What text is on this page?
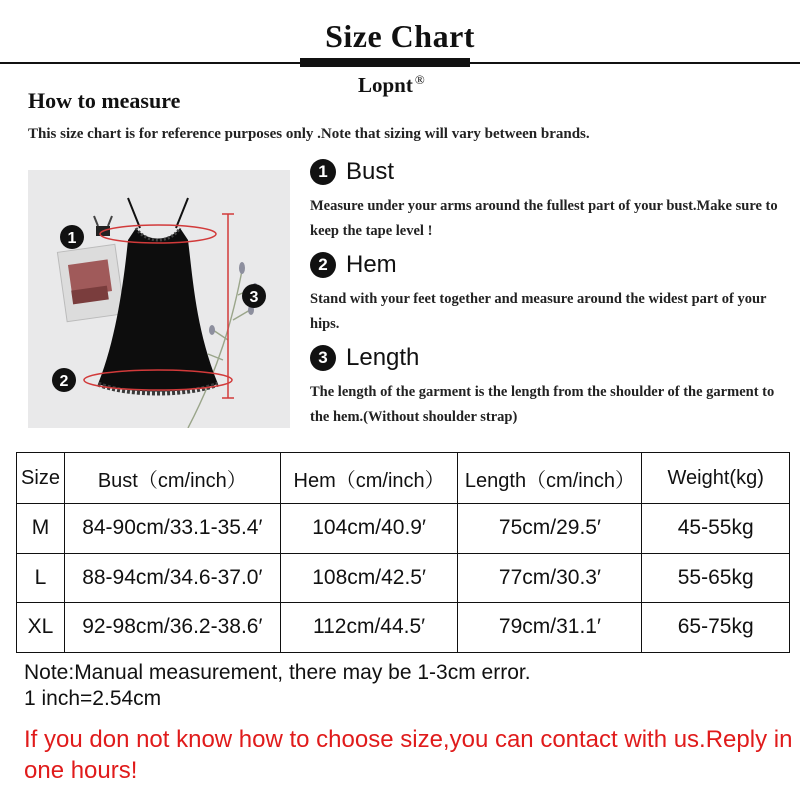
Size Chart
Lopnt ®
How to measure
This size chart is for reference purposes only .Note that sizing will vary between brands.
1
2
3
1 Bust
Measure under your arms around the fullest part of your bust.Make sure to keep the tape level !
2 Hem
Stand with your feet together and measure around the widest part of your hips.
3 Length
The length of the garment is the length from the shoulder of the garment to the hem.(Without shoulder strap)
Size	Bust（cm/inch）	Hem（cm/inch）	Length（cm/inch）	Weight(kg)
M	84-90cm/33.1-35.4′	104cm/40.9′	75cm/29.5′	45-55kg
L	88-94cm/34.6-37.0′	108cm/42.5′	77cm/30.3′	55-65kg
XL	92-98cm/36.2-38.6′	112cm/44.5′	79cm/31.1′	65-75kg
Note:Manual measurement, there may be 1-3cm error.
1 inch=2.54cm
If you don not know how to choose size,you can contact with us.Reply in one hours!
